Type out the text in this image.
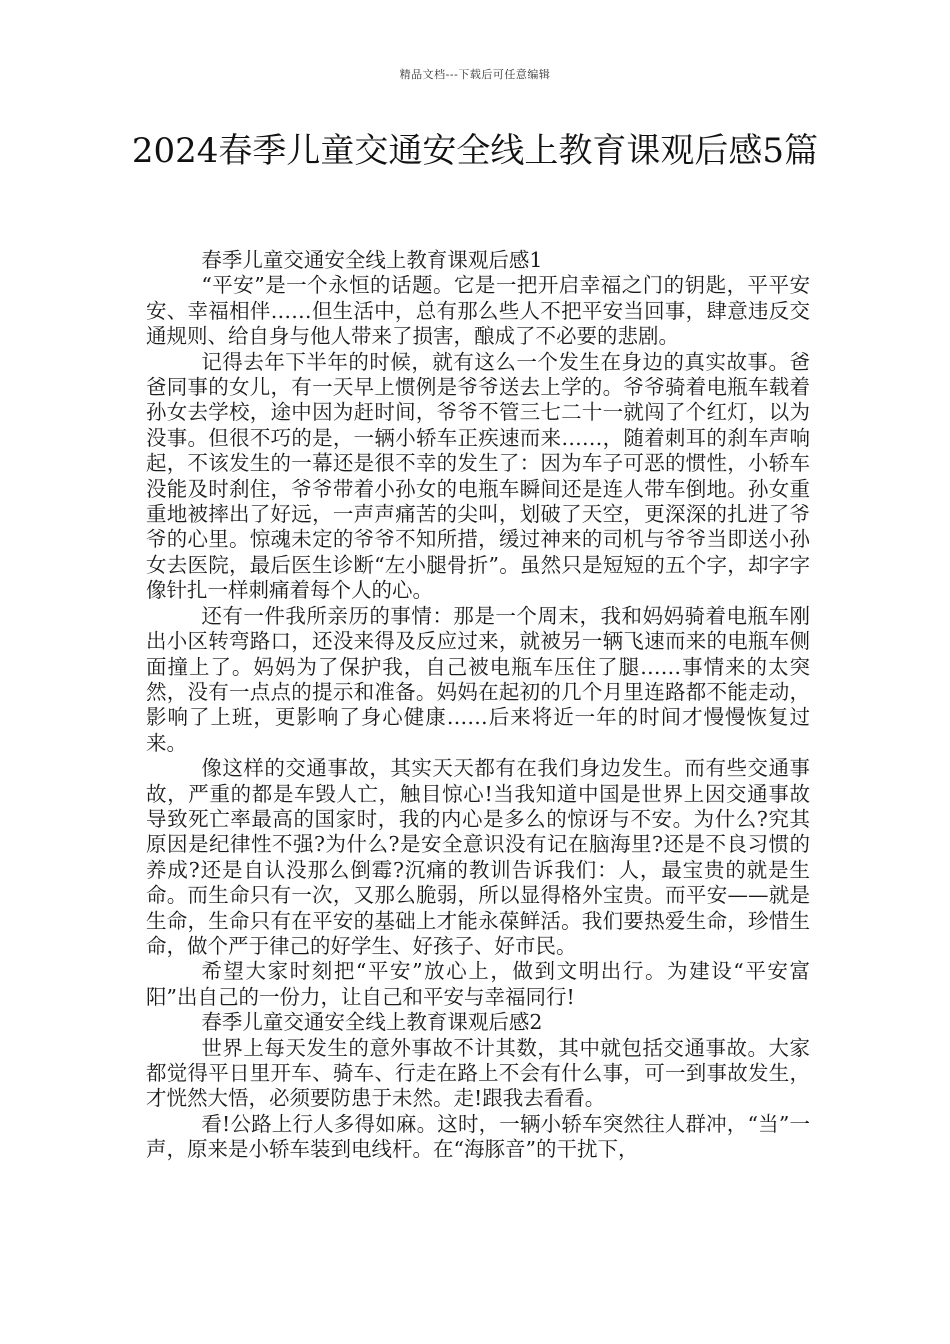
精品文档---下载后可任意编辑
2024春季儿童交通安全线上教育课观后感5篇

春季儿童交通安全线上教育课观后感1

“平安”是一个永恒的话题。它是一把开启幸福之门的钥匙，平平安安、幸福相伴……但生活中，总有那么些人不把平安当回事，肆意违反交通规则、给自身与他人带来了损害，酿成了不必要的悲剧。

记得去年下半年的时候，就有这么一个发生在身边的真实故事。爸爸同事的女儿，有一天早上惯例是爷爷送去上学的。爷爷骑着电瓶车载着孙女去学校，途中因为赶时间，爷爷不管三七二十一就闯了个红灯，以为没事。但很不巧的是，一辆小轿车正疾速而来……，随着刺耳的刹车声响起，不该发生的一幕还是很不幸的发生了：因为车子可恶的惯性，小轿车没能及时刹住，爷爷带着小孙女的电瓶车瞬间还是连人带车倒地。孙女重重地被摔出了好远，一声声痛苦的尖叫，划破了天空，更深深的扎进了爷爷的心里。惊魂未定的爷爷不知所措，缓过神来的司机与爷爷当即送小孙女去医院，最后医生诊断“左小腿骨折”。虽然只是短短的五个字，却字字像针扎一样刺痛着每个人的心。

还有一件我所亲历的事情：那是一个周末，我和妈妈骑着电瓶车刚出小区转弯路口，还没来得及反应过来，就被另一辆飞速而来的电瓶车侧面撞上了。妈妈为了保护我，自己被电瓶车压住了腿……事情来的太突然，没有一点点的提示和准备。妈妈在起初的几个月里连路都不能走动，影响了上班，更影响了身心健康……后来将近一年的时间才慢慢恢复过来。

像这样的交通事故，其实天天都有在我们身边发生。而有些交通事故，严重的都是车毁人亡，触目惊心!当我知道中国是世界上因交通事故导致死亡率最高的国家时，我的内心是多么的惊讶与不安。为什么?究其原因是纪律性不强?为什么?是安全意识没有记在脑海里?还是不良习惯的养成?还是自认没那么倒霉?沉痛的教训告诉我们：人，最宝贵的就是生命。而生命只有一次，又那么脆弱，所以显得格外宝贵。而平安——就是生命，生命只有在平安的基础上才能永葆鲜活。我们要热爱生命，珍惜生命，做个严于律己的好学生、好孩子、好市民。

希望大家时刻把“平安”放心上，做到文明出行。为建设“平安富阳”出自己的一份力，让自己和平安与幸福同行!

春季儿童交通安全线上教育课观后感2

世界上每天发生的意外事故不计其数，其中就包括交通事故。大家都觉得平日里开车、骑车、行走在路上不会有什么事，可一到事故发生，才恍然大悟，必须要防患于未然。走!跟我去看看。

看!公路上行人多得如麻。这时，一辆小轿车突然往人群冲，“当”一声，原来是小轿车装到电线杆。在“海豚音”的干扰下，
